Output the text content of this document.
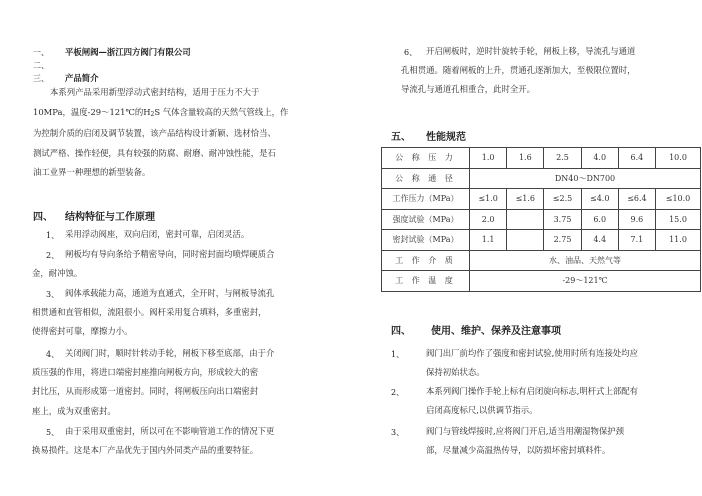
一、 平板闸阀—浙江四方阀门有限公司
二、
三、 产品简介
本系列产品采用新型浮动式密封结构，适用于压力不大于
10MPa，温度-29～121℃的$H_2S$ 气体含量较高的天然气管线上，作
为控制介质的启闭及调节装置，该产品结构设计新颖、选材恰当、
测试严格、操作轻便，具有较强的防腐、耐磨、耐冲蚀性能，是石
油工业界一种理想的新型装备。
四、 结构特征与工作原理
1、 采用浮动阀座，双向启闭，密封可靠，启闭灵活。
2、 闸板均有导向条给予精密导向，同时密封面均喷焊硬质合
金，耐冲蚀。
3、 阀体承载能力高，通道为直通式，全开时，与闸板导流孔
相贯通和直管相似，流阻很小。阀杆采用复合填料，多重密封，
使得密封可靠，摩擦力小。
4、 关闭阀门时，顺时针转动手轮，闸板下移至底部，由于介
质压强的作用，将进口端密封座推向闸板方向，形成较大的密
封比压，从而形成第一道密封。同时，将闸板压向出口端密封
座上，成为双重密封。
5、 由于采用双重密封，所以可在不影响管道工作的情况下更
换易损件。这是本厂产品优先于国内外同类产品的重要特征。
6、 开启闸板时，逆时针旋转手轮，闸板上移，导流孔与通道
孔相贯通。随着闸板的上升，贯通孔逐渐加大，至极限位置时，
导流孔与通道孔相重合，此时全开。
五、 性能规范
公 称 压 力	1.0	1.6	2.5	4.0	6.4	10.0
公 称 通 径	DN40～DN700					
工作压力（MPa）	≤1.0	≤1.6	≤2.5	≤4.0	≤6.4	≤10.0
强度试验（MPa）	2.0		3.75	6.0	9.6	15.0
密封试验（MPa）	1.1		2.75	4.4	7.1	11.0
工 作 介 质	水、油品、天然气等					
工 作 温 度	-29～121℃					
四、 使用、维护、保养及注意事项
1、	阀门出厂前均作了强度和密封试验,使用时所有连接处均应
保持初始状态。
2、	本系列阀门操作手轮上标有启闭旋向标志,明杆式上部配有
启闭高度标尺,以供调节指示。
3、	阀门与管线焊接时,应将阀门开启,适当用潮湿物保护颈
部，尽量减少高温热传导，以防损坏密封填料件。
